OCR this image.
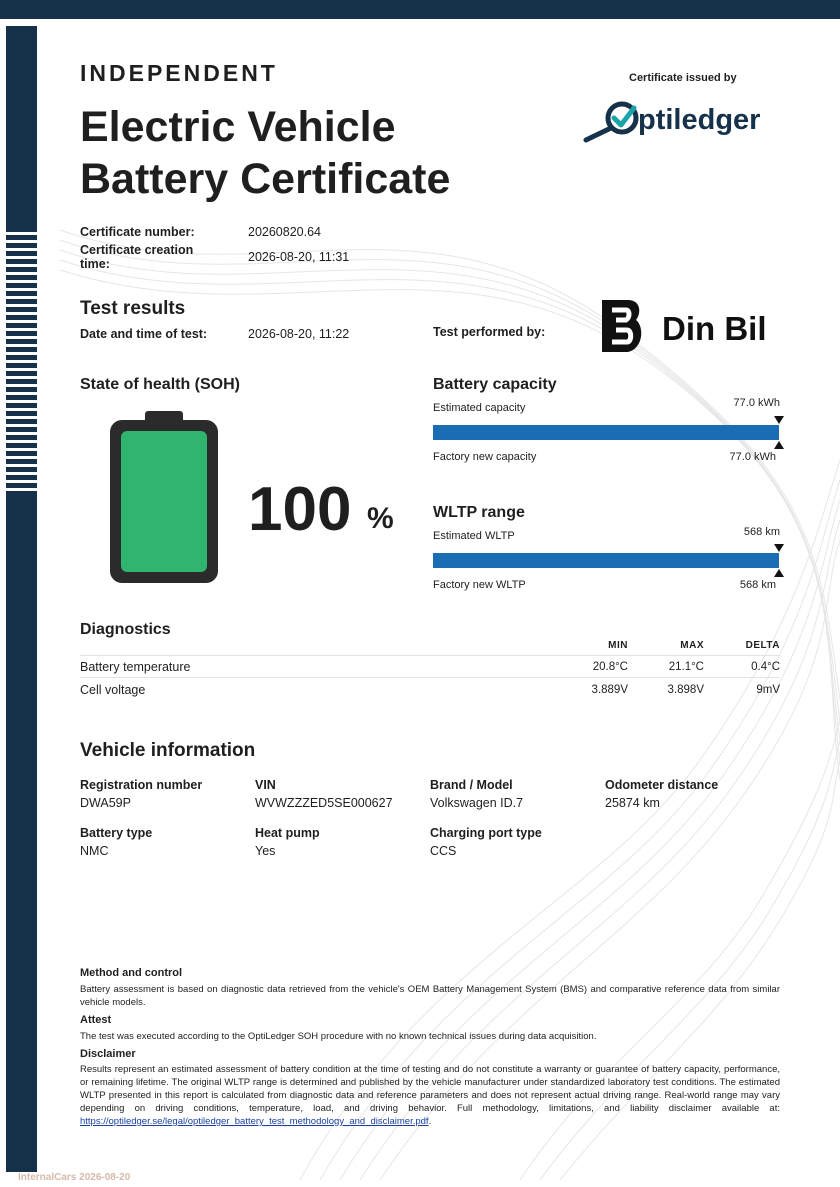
INDEPENDENT
Electric Vehicle
Battery Certificate
Certificate issued by
ptiledger
Certificate number:	20260820.64
Certificate creation time:	2026-08-20, 11:31
Test results
Date and time of test:	2026-08-20, 11:22	Test performed by:	Din Bil
State of health (SOH)
100 %
Battery capacity
Estimated capacity	77.0 kWh
Factory new capacity	77.0 kWh
WLTP range
Estimated WLTP	568 km
Factory new WLTP	568 km
Diagnostics
MIN	MAX	DELTA
Battery temperature	20.8°C	21.1°C	0.4°C
Cell voltage	3.889V	3.898V	9mV
Vehicle information
Registration number
DWA59P
VIN
WVWZZZED5SE000627
Brand / Model
Volkswagen ID.7
Odometer distance
25874 km
Battery type
NMC
Heat pump
Yes
Charging port type
CCS
Method and control
Battery assessment is based on diagnostic data retrieved from the vehicle's OEM Battery Management System (BMS) and comparative reference data from similar vehicle models.
Attest
The test was executed according to the OptiLedger SOH procedure with no known technical issues during data acquisition.
Disclaimer
Results represent an estimated assessment of battery condition at the time of testing and do not constitute a warranty or guarantee of battery capacity, performance, or remaining lifetime. The original WLTP range is determined and published by the vehicle manufacturer under standardized laboratory test conditions. The estimated WLTP presented in this report is calculated from diagnostic data and reference parameters and does not represent actual driving range. Real-world range may vary depending on driving conditions, temperature, load, and driving behavior. Full methodology, limitations, and liability disclaimer available at: https://optiledger.se/legal/optiledger_battery_test_methodology_and_disclaimer.pdf.
InternalCars 2026-08-20
